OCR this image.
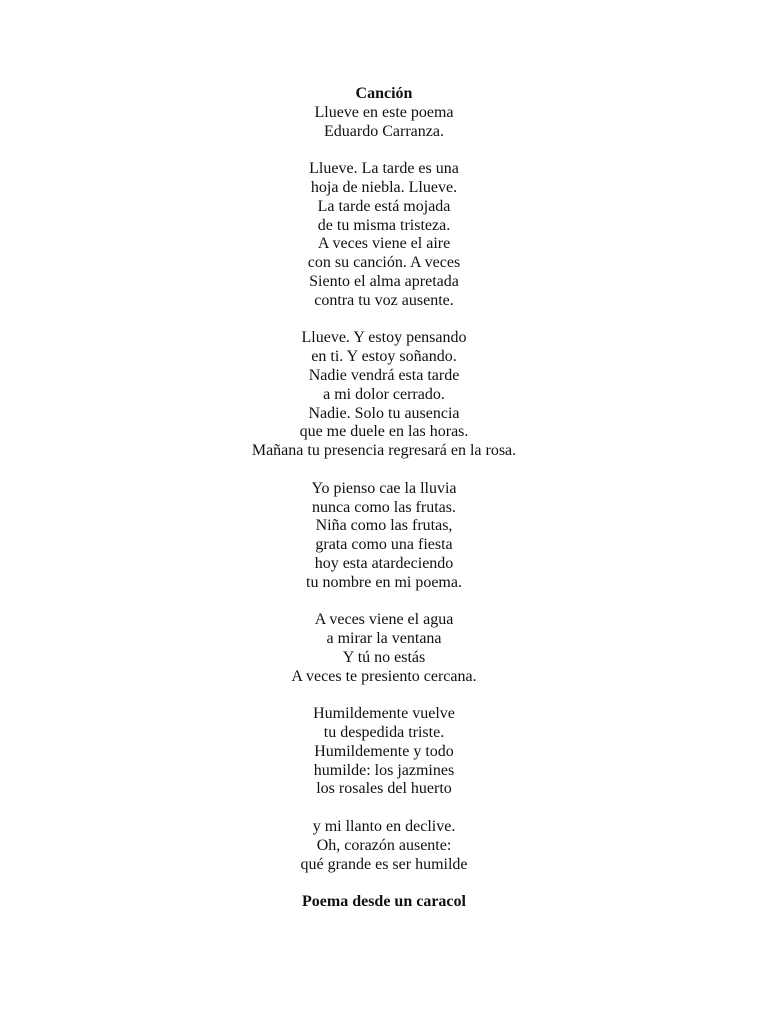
Canción
Llueve en este poema
Eduardo Carranza.
Llueve. La tarde es una
hoja de niebla. Llueve.
La tarde está mojada
de tu misma tristeza.
A veces viene el aire
con su canción. A veces
Siento el alma apretada
contra tu voz ausente.
Llueve. Y estoy pensando
en ti. Y estoy soñando.
Nadie vendrá esta tarde
a mi dolor cerrado.
Nadie. Solo tu ausencia
que me duele en las horas.
Mañana tu presencia regresará en la rosa.
Yo pienso cae la lluvia
nunca como las frutas.
Niña como las frutas,
grata como una fiesta
hoy esta atardeciendo
tu nombre en mi poema.
A veces viene el agua
a mirar la ventana
Y tú no estás
A veces te presiento cercana.
Humildemente vuelve
tu despedida triste.
Humildemente y todo
humilde: los jazmines
los rosales del huerto
y mi llanto en declive.
Oh, corazón ausente:
qué grande es ser humilde
Poema desde un caracol
